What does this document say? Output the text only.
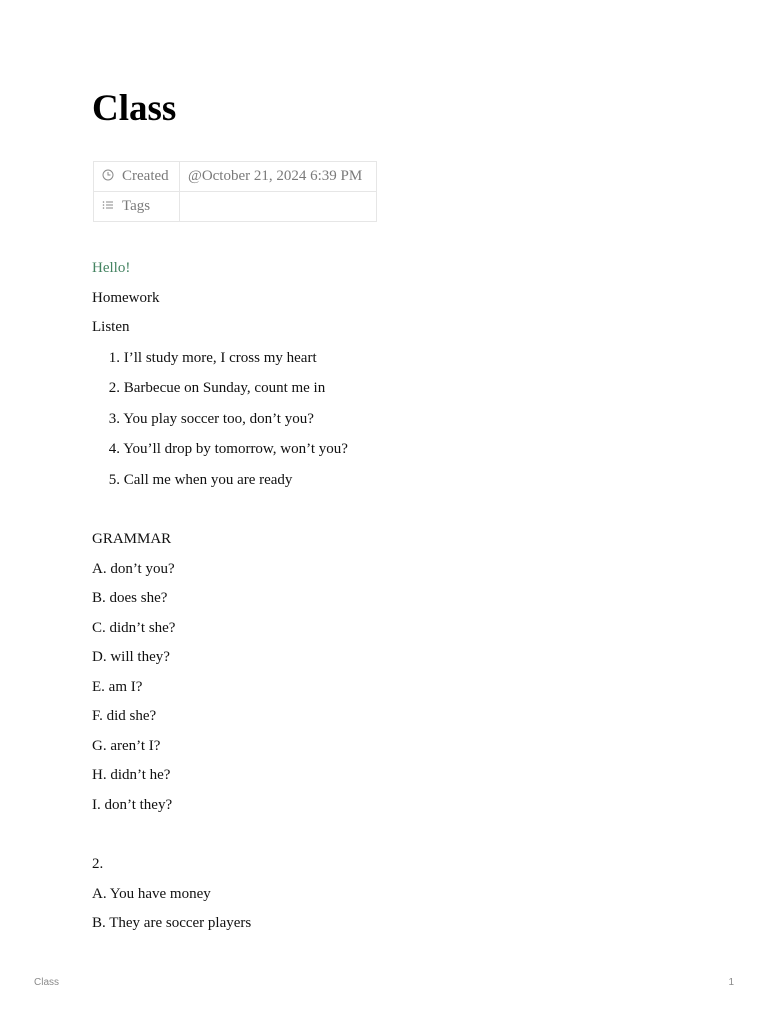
Class
Created	@October 21, 2024 6:39 PM
Tags	

Hello!

Homework

Listen

1. I’ll study more, I cross my heart
2. Barbecue on Sunday, count me in
3. You play soccer too, don’t you?
4. You’ll drop by tomorrow, won’t you?
5. Call me when you are ready

GRAMMAR

A. don’t you?

B. does she?

C. didn’t she?

D. will they?

E. am I?

F. did she?

G. aren’t I?

H. didn’t he?

I. don’t they?

2.

A. You have money

B. They are soccer players

Class	1
